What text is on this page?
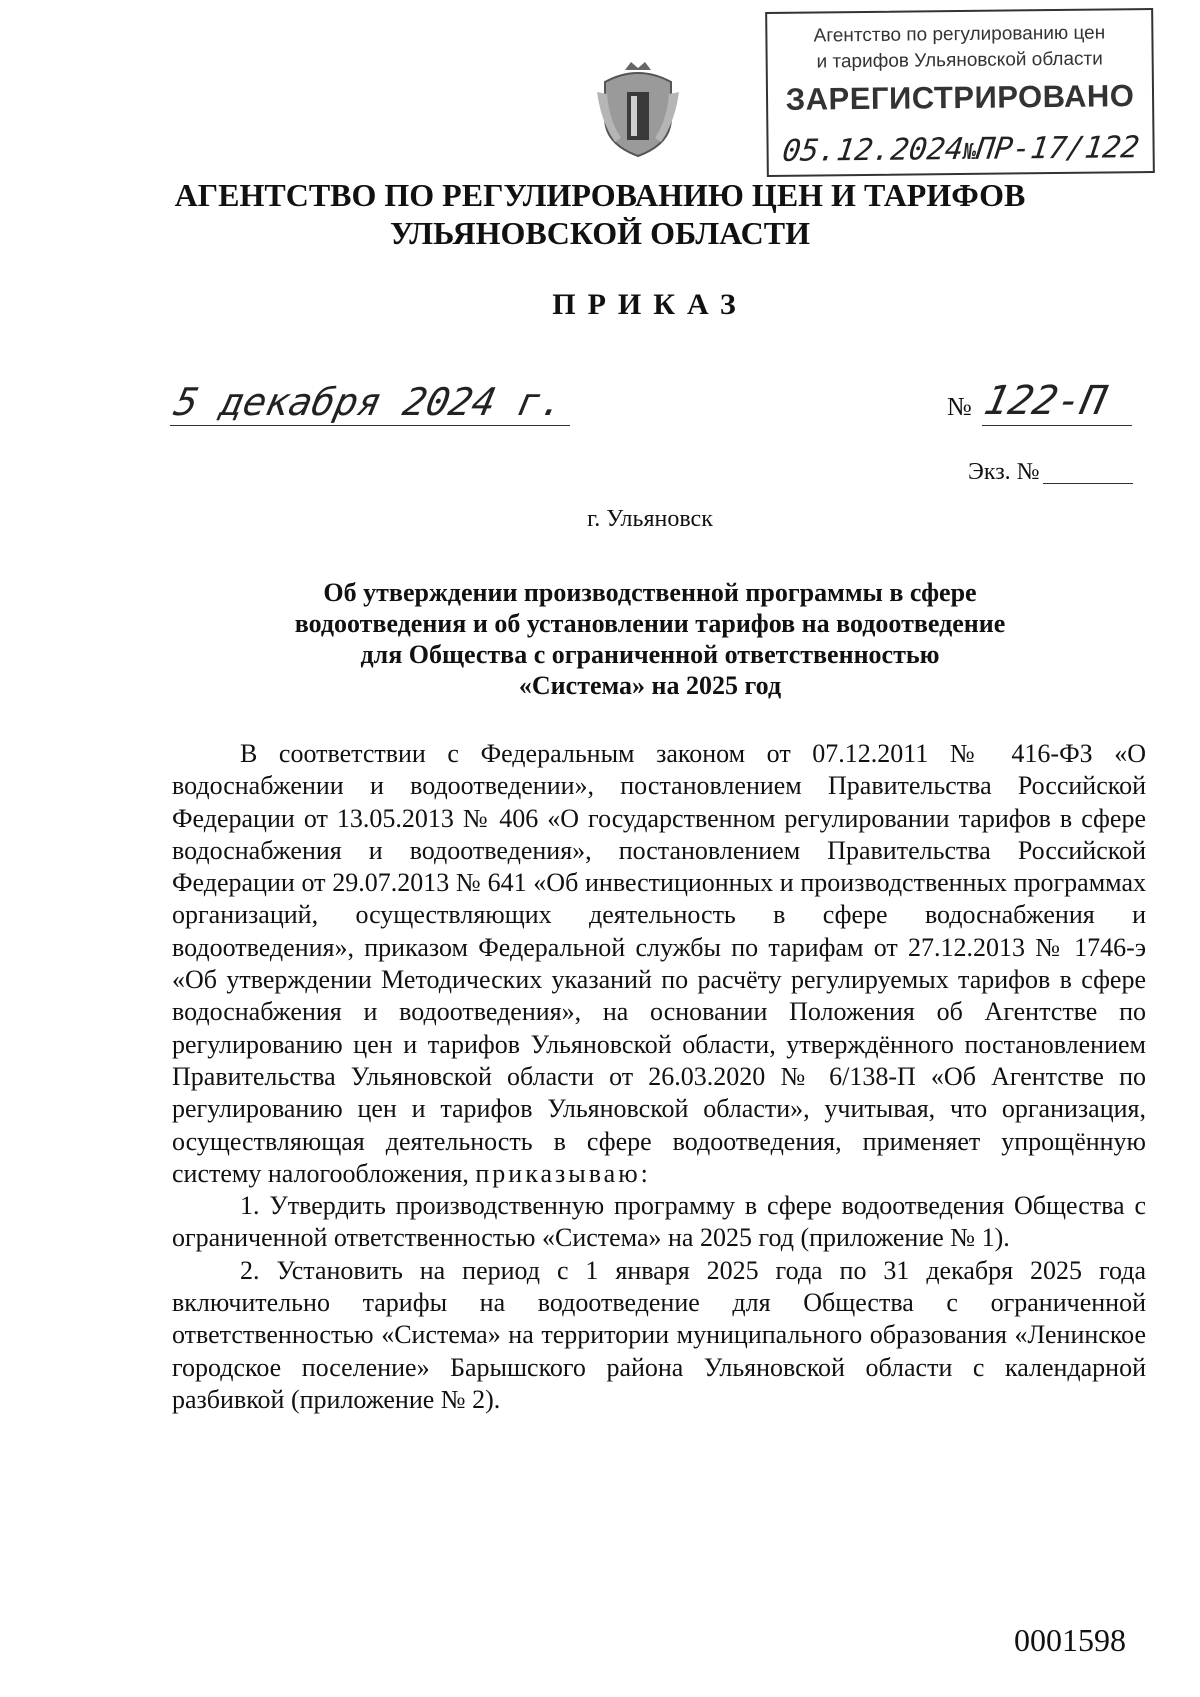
Агентство по регулированию цен
и тарифов Ульяновской области
ЗАРЕГИСТРИРОВАНО
05.12.2024№ПР-17/122
АГЕНТСТВО ПО РЕГУЛИРОВАНИЮ ЦЕН И ТАРИФОВ
УЛЬЯНОВСКОЙ ОБЛАСТИ
ПРИКАЗ
5 декабря 2024 г.	№ 122-П
Экз. №
г. Ульяновск
Об утверждении производственной программы в сфере
водоотведения и об установлении тарифов на водоотведение
для Общества с ограниченной ответственностью
«Система» на 2025 год

В соответствии с Федеральным законом от 07.12.2011 № 416-ФЗ «О водоснабжении и водоотведении», постановлением Правительства Российской Федерации от 13.05.2013 № 406 «О государственном регулировании тарифов в сфере водоснабжения и водоотведения», постановлением Правительства Российской Федерации от 29.07.2013 № 641 «Об инвестиционных и производственных программах организаций, осуществляющих деятельность в сфере водоснабжения и водоотведения», приказом Федеральной службы по тарифам от 27.12.2013 № 1746-э «Об утверждении Методических указаний по расчёту регулируемых тарифов в сфере водоснабжения и водоотведения», на основании Положения об Агентстве по регулированию цен и тарифов Ульяновской области, утверждённого постановлением Правительства Ульяновской области от 26.03.2020 № 6/138-П «Об Агентстве по регулированию цен и тарифов Ульяновской области», учитывая, что организация, осуществляющая деятельность в сфере водоотведения, применяет упрощённую систему налогообложения, приказываю:

1. Утвердить производственную программу в сфере водоотведения Общества с ограниченной ответственностью «Система» на 2025 год (приложение № 1).

2. Установить на период с 1 января 2025 года по 31 декабря 2025 года включительно тарифы на водоотведение для Общества с ограниченной ответственностью «Система» на территории муниципального образования «Ленинское городское поселение» Барышского района Ульяновской области с календарной разбивкой (приложение № 2).

0001598
